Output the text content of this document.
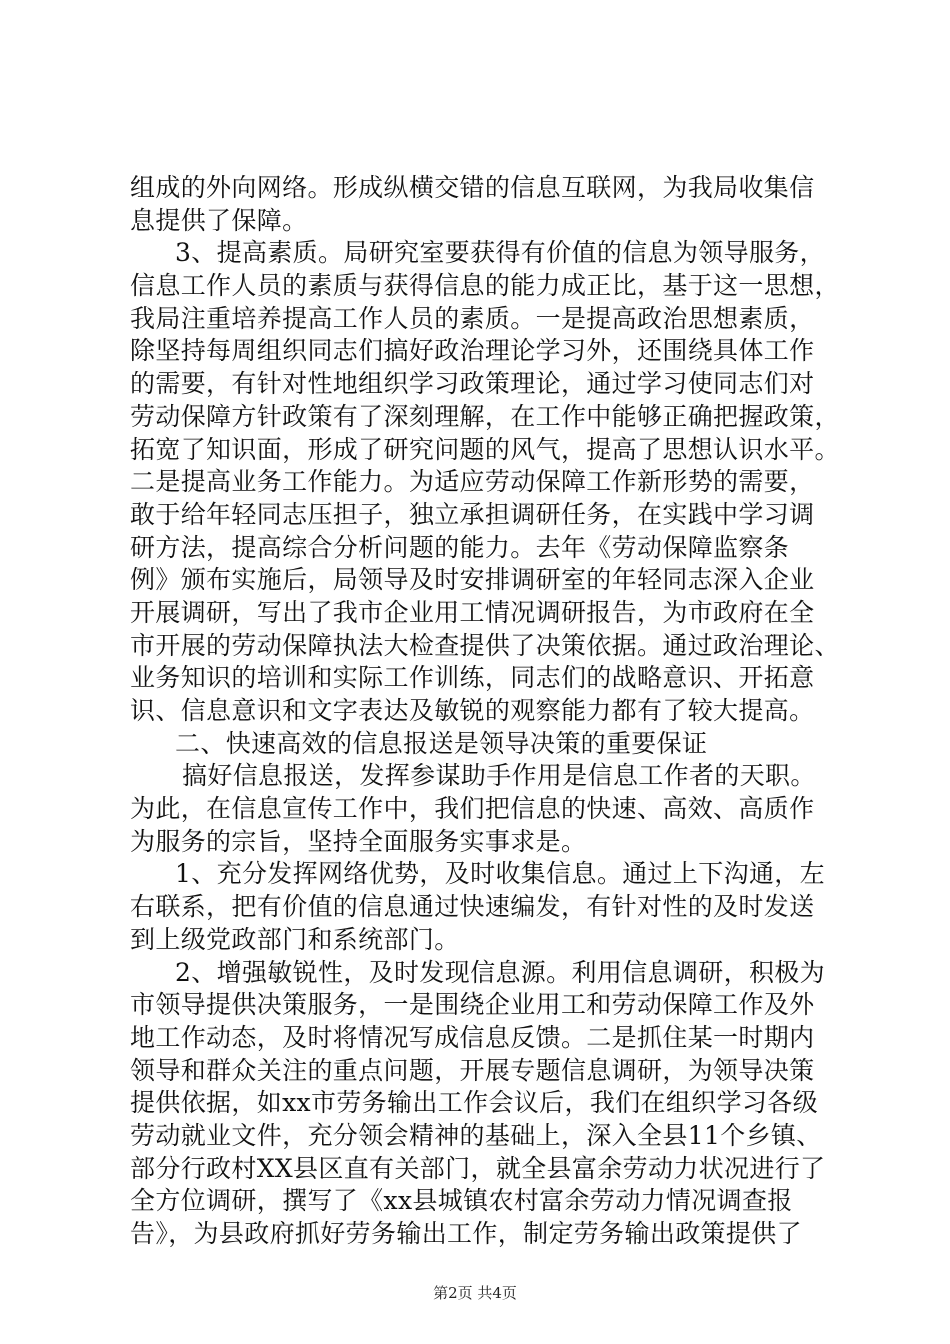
组成的外向网络。形成纵横交错的信息互联网，为我局收集信
息提供了保障。
3、提高素质。局研究室要获得有价值的信息为领导服务，
信息工作人员的素质与获得信息的能力成正比，基于这一思想，
我局注重培养提高工作人员的素质。一是提高政治思想素质，
除坚持每周组织同志们搞好政治理论学习外，还围绕具体工作
的需要，有针对性地组织学习政策理论，通过学习使同志们对
劳动保障方针政策有了深刻理解，在工作中能够正确把握政策，
拓宽了知识面，形成了研究问题的风气，提高了思想认识水平。
二是提高业务工作能力。为适应劳动保障工作新形势的需要，
敢于给年轻同志压担子，独立承担调研任务，在实践中学习调
研方法，提高综合分析问题的能力。去年《劳动保障监察条
例》颁布实施后，局领导及时安排调研室的年轻同志深入企业
开展调研，写出了我市企业用工情况调研报告，为市政府在全
市开展的劳动保障执法大检查提供了决策依据。通过政治理论、
业务知识的培训和实际工作训练，同志们的战略意识、开拓意
识、信息意识和文字表达及敏锐的观察能力都有了较大提高。
二、快速高效的信息报送是领导决策的重要保证
搞好信息报送，发挥参谋助手作用是信息工作者的天职。
为此，在信息宣传工作中，我们把信息的快速、高效、高质作
为服务的宗旨，坚持全面服务实事求是。
1、充分发挥网络优势，及时收集信息。通过上下沟通，左
右联系，把有价值的信息通过快速编发，有针对性的及时发送
到上级党政部门和系统部门。
2、增强敏锐性，及时发现信息源。利用信息调研，积极为
市领导提供决策服务，一是围绕企业用工和劳动保障工作及外
地工作动态，及时将情况写成信息反馈。二是抓住某一时期内
领导和群众关注的重点问题，开展专题信息调研，为领导决策
提供依据，如xx市劳务输出工作会议后，我们在组织学习各级
劳动就业文件，充分领会精神的基础上，深入全县11个乡镇、
部分行政村XX县区直有关部门，就全县富余劳动力状况进行了
全方位调研，撰写了《xx县城镇农村富余劳动力情况调查报
告》，为县政府抓好劳务输出工作，制定劳务输出政策提供了
第2页 共4页
